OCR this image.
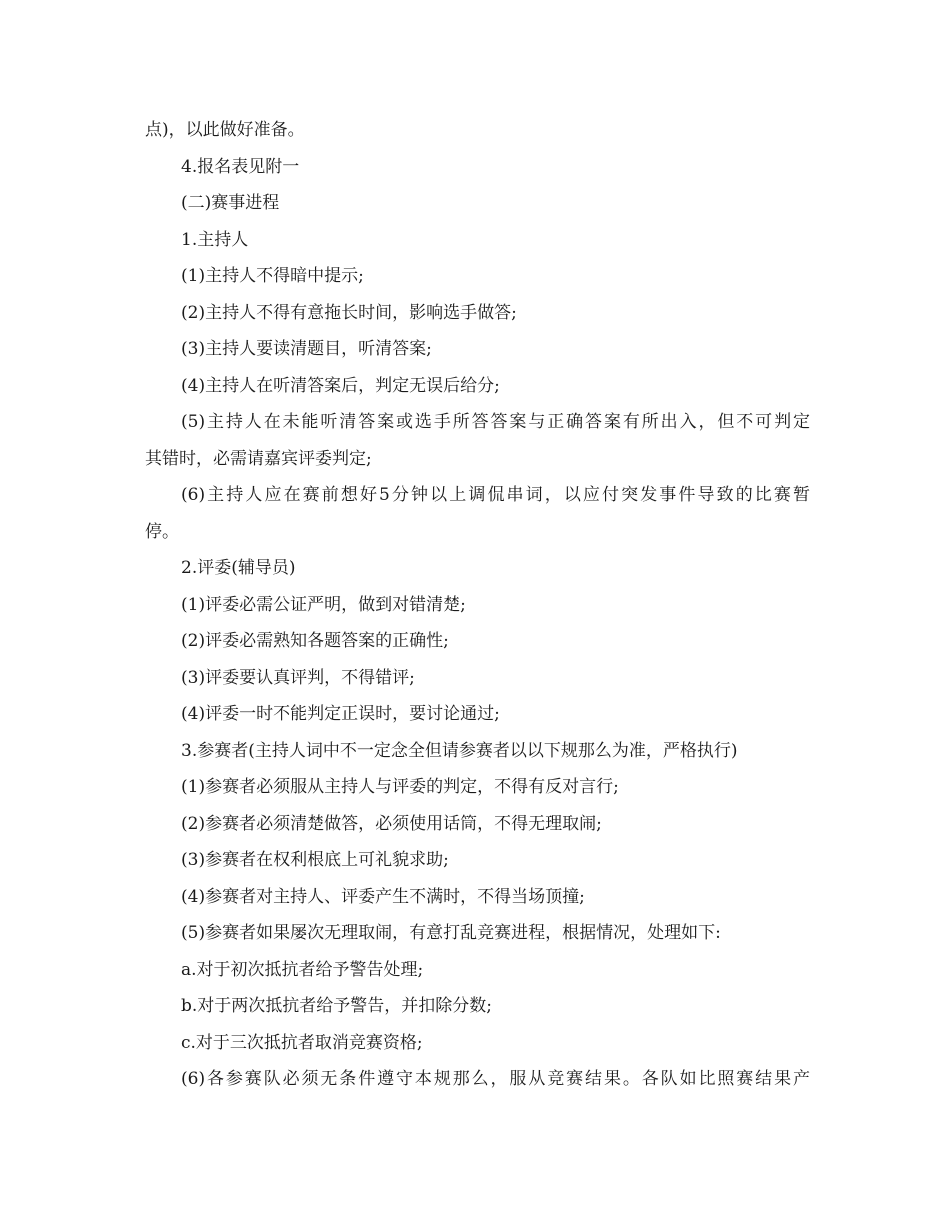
点)，以此做好准备。
4.报名表见附一
(二)赛事进程
1.主持人
(1)主持人不得暗中提示;
(2)主持人不得有意拖长时间，影响选手做答;
(3)主持人要读清题目，听清答案;
(4)主持人在听清答案后，判定无误后给分;
(5)主持人在未能听清答案或选手所答答案与正确答案有所出入，但不可判定
其错时，必需请嘉宾评委判定;
(6)主持人应在赛前想好5分钟以上调侃串词，以应付突发事件导致的比赛暂
停。
2.评委(辅导员)
(1)评委必需公证严明，做到对错清楚;
(2)评委必需熟知各题答案的正确性;
(3)评委要认真评判，不得错评;
(4)评委一时不能判定正误时，要讨论通过;
3.参赛者(主持人词中不一定念全但请参赛者以以下规那么为准，严格执行)
(1)参赛者必须服从主持人与评委的判定，不得有反对言行;
(2)参赛者必须清楚做答，必须使用话筒，不得无理取闹;
(3)参赛者在权利根底上可礼貌求助;
(4)参赛者对主持人、评委产生不满时，不得当场顶撞;
(5)参赛者如果屡次无理取闹，有意打乱竞赛进程，根据情况，处理如下:
a.对于初次抵抗者给予警告处理;
b.对于两次抵抗者给予警告，并扣除分数;
c.对于三次抵抗者取消竞赛资格;
(6)各参赛队必须无条件遵守本规那么，服从竞赛结果。各队如比照赛结果产
